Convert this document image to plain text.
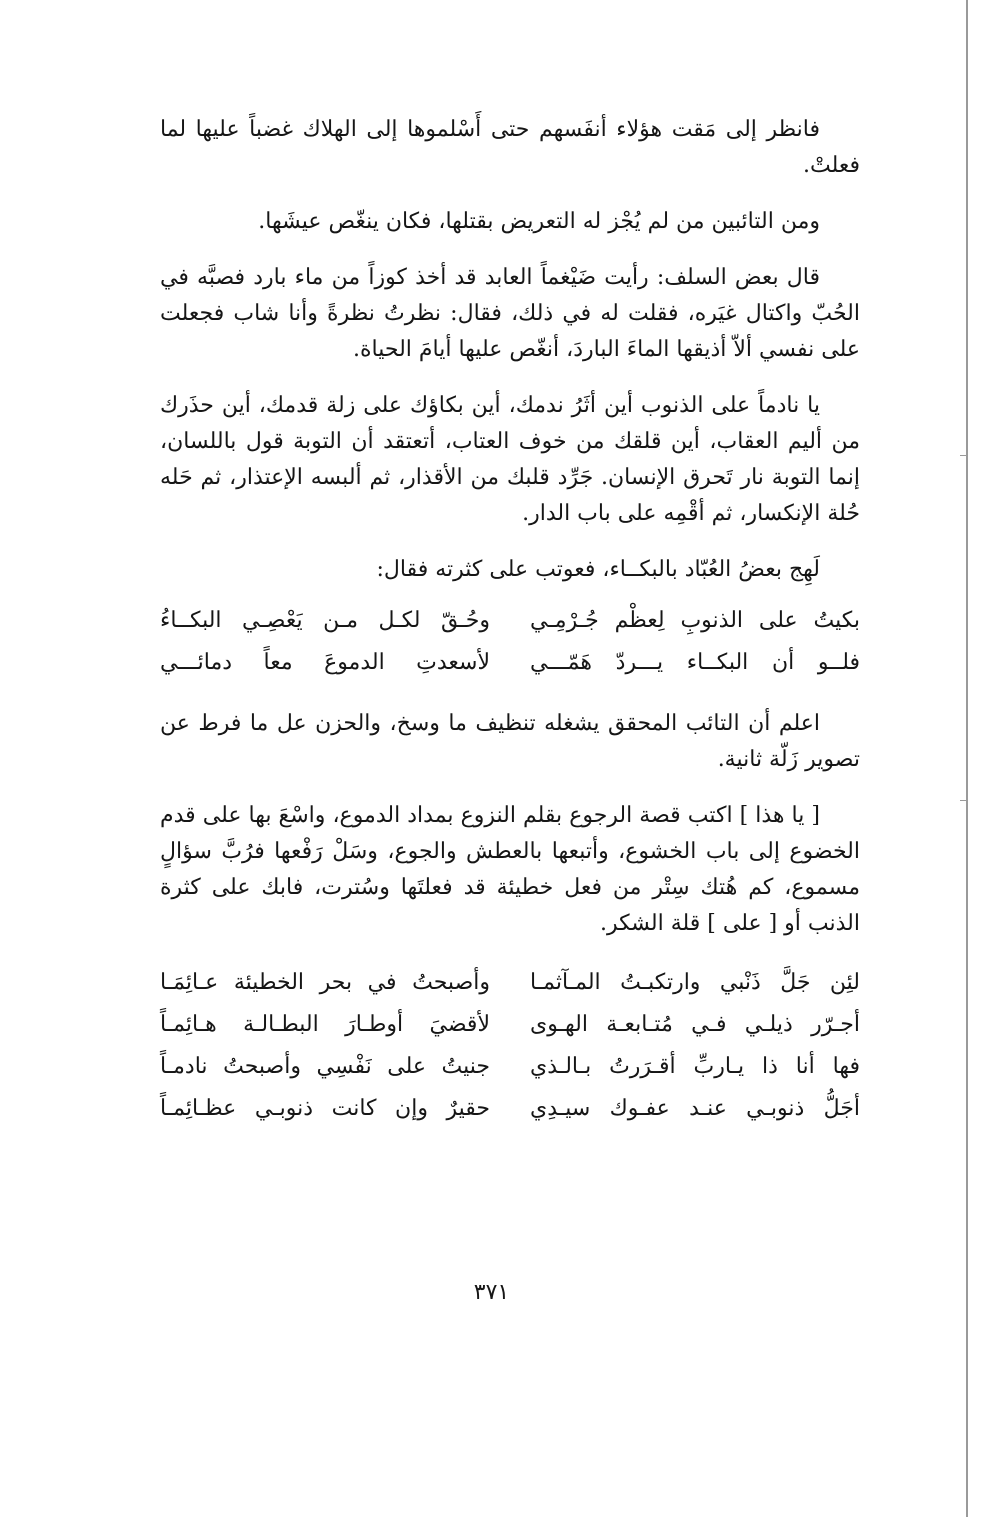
فانظر إلى مَقت هؤلاء أنفَسهم حتى أَسْلموها إلى الهلاك غضباً عليها لما فعلتْ.

ومن التائبين من لم يُجْز له التعريض بقتلها، فكان ينغّص عيشَها.

قال بعض السلف: رأيت ضَيْغماً العابد قد أخذ كوزاً من ماء بارد فصبَّه في الحُبّ واكتال غيَره، فقلت له في ذلك، فقال: نظرتُ نظرةً وأنا شاب فجعلت على نفسي ألاّ أذيقها الماءَ الباردَ، أنغّص عليها أيامَ الحياة.

يا نادماً على الذنوب أين أثَرُ ندمك، أين بكاؤك على زلة قدمك، أين حذَرك من أليم العقاب، أين قلقك من خوف العتاب، أتعتقد أن التوبة قول باللسان، إنما التوبة نار تَحرق الإنسان. جَرِّد قلبك من الأقذار، ثم ألبسه الإعتذار، ثم حَله حُلة الإنكسار، ثم أقْمِه على باب الدار.

لَهِج بعضُ العُبّاد بالبكــاء، فعوتب على كثرته فقال:

بكيتُ على الذنوبِ لِعظْم جُـرْمِـي
وحُـقّ لكـل مـن يَعْصِـي البكــاءُ
فلــو أن البكــاء يـــردّ هَمّـــي
لأسعدتِ الدموعَ معاً دمائـــي

اعلم أن التائب المحقق يشغله تنظيف ما وسخ، والحزن عل ما فرط عن تصوير زَلّة ثانية.

[ يا هذا ] اكتب قصة الرجوع بقلم النزوع بمداد الدموع، واسْعَ بها على قدم الخضوع إلى باب الخشوع، وأتبعها بالعطش والجوع، وسَلْ رَفْعها فرُبَّ سؤالٍ مسموع، كم هُتك سِتْر من فعل خطيئة قد فعلتَها وسُترت، فابك على كثرة الذنب أو [ على ] قلة الشكر.

لئِن جَلَّ ذَنْبي وارتكبـتُ المـآثمـا
وأصبحتُ في بحر الخطيئة عـائِمَـا
أجـرّر ذيلـي فـي مُتـابعـة الهـوى
لأقضيَ أوطـارَ البطـالـة هـائِمـاً
فها أنا ذا يـاربِّ أقـرَرتُ بـالـذي
جنيتُ على نَفْسِي وأصبحتُ نادمـاً
أجَلُّ ذنوبـي عنـد عفـوك سيـدِي
حقيرٌ وإن كانت ذنوبـي عظـائِمـاً
٣٧١
